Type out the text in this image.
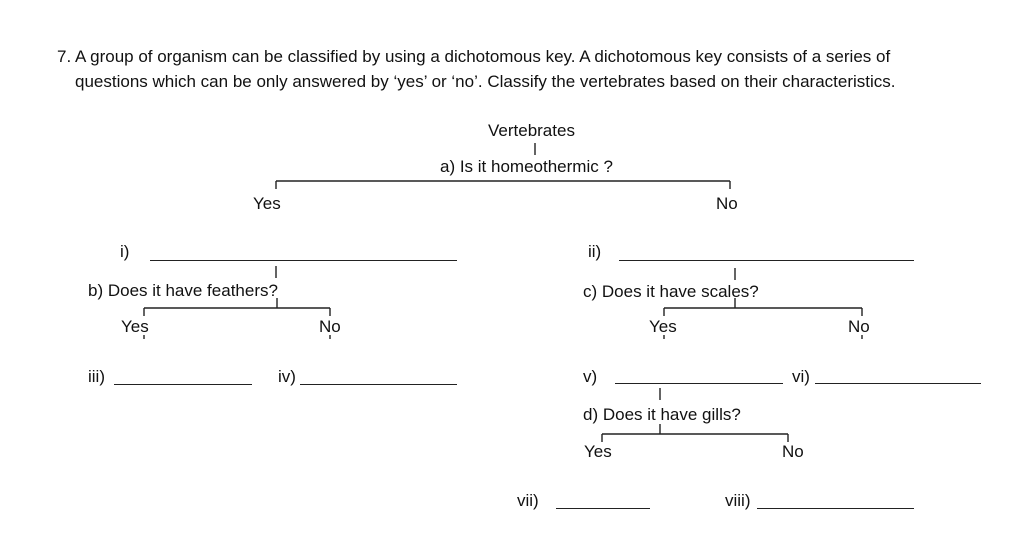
7. A group of organism can be classified by using a dichotomous key. A dichotomous key consists of a series of
questions which can be only answered by ‘yes’ or ‘no’. Classify the vertebrates based on their characteristics.
Vertebrates
a) Is it homeothermic ?
Yes	No
i)	ii)
b) Does it have feathers?
Yes	No
c) Does it have scales?
Yes	No
iii)	iv)	v)	vi)
d) Does it have gills?
Yes	No
vii)	viii)
